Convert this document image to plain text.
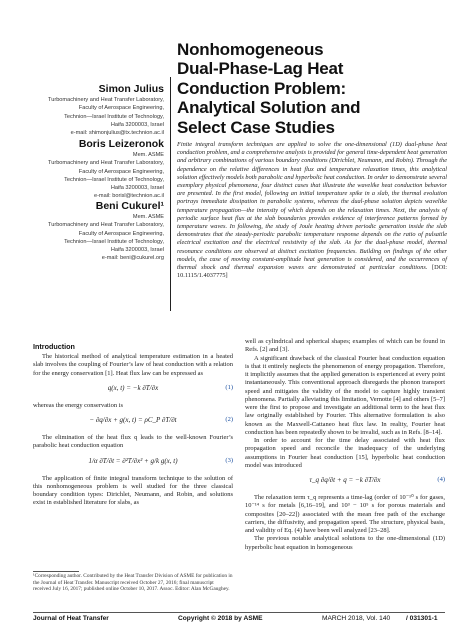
Nonhomogeneous
Dual-Phase-Lag Heat
Conduction Problem:
Analytical Solution and
Select Case Studies
Simon Julius
Turbomachinery and Heat Transfer Laboratory,
Faculty of Aerospace Engineering,
Technion—Israel Institute of Technology,
Haifa 3200003, Israel
e-mail: shimonjulius@tx.technion.ac.il
Boris Leizeronok
Mem. ASME
Turbomachinery and Heat Transfer Laboratory,
Faculty of Aerospace Engineering,
Technion—Israel Institute of Technology,
Haifa 3200003, Israel
e-mail: borisl@technion.ac.il
Beni Cukurel¹
Mem. ASME
Turbomachinery and Heat Transfer Laboratory,
Faculty of Aerospace Engineering,
Technion—Israel Institute of Technology,
Haifa 3200003, Israel
e-mail: beni@cukurel.org
Finite integral transform techniques are applied to solve the one-dimensional (1D) dual-phase heat conduction problem, and a comprehensive analysis is provided for general time-dependent heat generation and arbitrary combinations of various boundary conditions (Dirichlet, Neumann, and Robin). Through the dependence on the relative differences in heat flux and temperature relaxation times, this analytical solution effectively models both parabolic and hyperbolic heat conduction. In order to demonstrate several exemplary physical phenomena, four distinct cases that illustrate the wavelike heat conduction behavior are presented. In the first model, following an initial temperature spike in a slab, the thermal evolution portrays immediate dissipation in parabolic systems, whereas the dual-phase solution depicts wavelike temperature propagation—the intensity of which depends on the relaxation times. Next, the analysis of periodic surface heat flux at the slab boundaries provides evidence of interference patterns formed by temperature waves. In following, the study of Joule heating driven periodic generation inside the slab demonstrates that the steady-periodic parabolic temperature response depends on the ratio of pulsatile electrical excitation and the electrical resistivity of the slab. As for the dual-phase model, thermal resonance conditions are observed at distinct excitation frequencies. Building on findings of the other models, the case of moving constant-amplitude heat generation is considered, and the occurrences of thermal shock and thermal expansion waves are demonstrated at particular conditions. [DOI: 10.1115/1.4037775]
Introduction

The historical method of analytical temperature estimation in a heated slab involves the coupling of Fourier’s law of heat conduction with a relation for the energy conservation [1]. Heat flux law can be expressed as

q(x, t) = −k ∂T/∂x	(1)

whereas the energy conservation is

− ∂q/∂x + g(x, t) = ρC_P ∂T/∂t	(2)

The elimination of the heat flux q leads to the well-known Fourier’s parabolic heat conduction equation

1/α ∂T/∂t = ∂²T/∂x² + g/k g(x, t)	(3)

The application of finite integral transform technique to the solution of this nonhomogeneous problem is well studied for the three classical boundary condition types: Dirichlet, Neumann, and Robin, and solutions exist in established literature for slabs, as

¹Corresponding author. Contributed by the Heat Transfer Division of ASME for publication in the Journal of Heat Transfer. Manuscript received October 27, 2016; final manuscript received July 16, 2017; published online October 10, 2017. Assoc. Editor: Alan McGaughey.

well as cylindrical and spherical shapes; examples of which can be found in Refs. [2] and [3].

A significant drawback of the classical Fourier heat conduction equation is that it entirely neglects the phenomenon of energy propagation. Therefore, it implicitly assumes that the applied generation is experienced at every point instantaneously. This conventional approach disregards the phonon transport speed and mitigates the validity of the model to capture highly transient phenomena. Partially alleviating this limitation, Vernotte [4] and others [5–7] were the first to propose and investigate an additional term to the heat flux law originally established by Fourier. This alternative formulation is also known as the Maxwell-Cattaneo heat flux law. In reality, Fourier heat conduction has been repeatedly shown to be invalid, such as in Refs. [8–14].

In order to account for the time delay associated with heat flux propagation speed and reconcile the inadequacy of the underlying assumptions in Fourier heat conduction [15], hyperbolic heat conduction model was introduced

τ_q ∂q/∂t + q = −k ∂T/∂x	(4)

The relaxation term τ_q represents a time-lag (order of 10⁻¹⁰ s for gases, 10⁻¹⁴ s for metals [6,16–19], and 10³ − 10⁵ s for porous materials and composites [20–22]) associated with the mean free path of the exchange carriers, the diffusivity, and propagation speed. The structure, physical basis, and validity of Eq. (4) have been well analyzed [23–28].

The previous notable analytical solutions to the one-dimensional (1D) hyperbolic heat equation in homogeneous

Journal of Heat Transfer	Copyright © 2018 by ASME	MARCH 2018, Vol. 140 / 031301-1
